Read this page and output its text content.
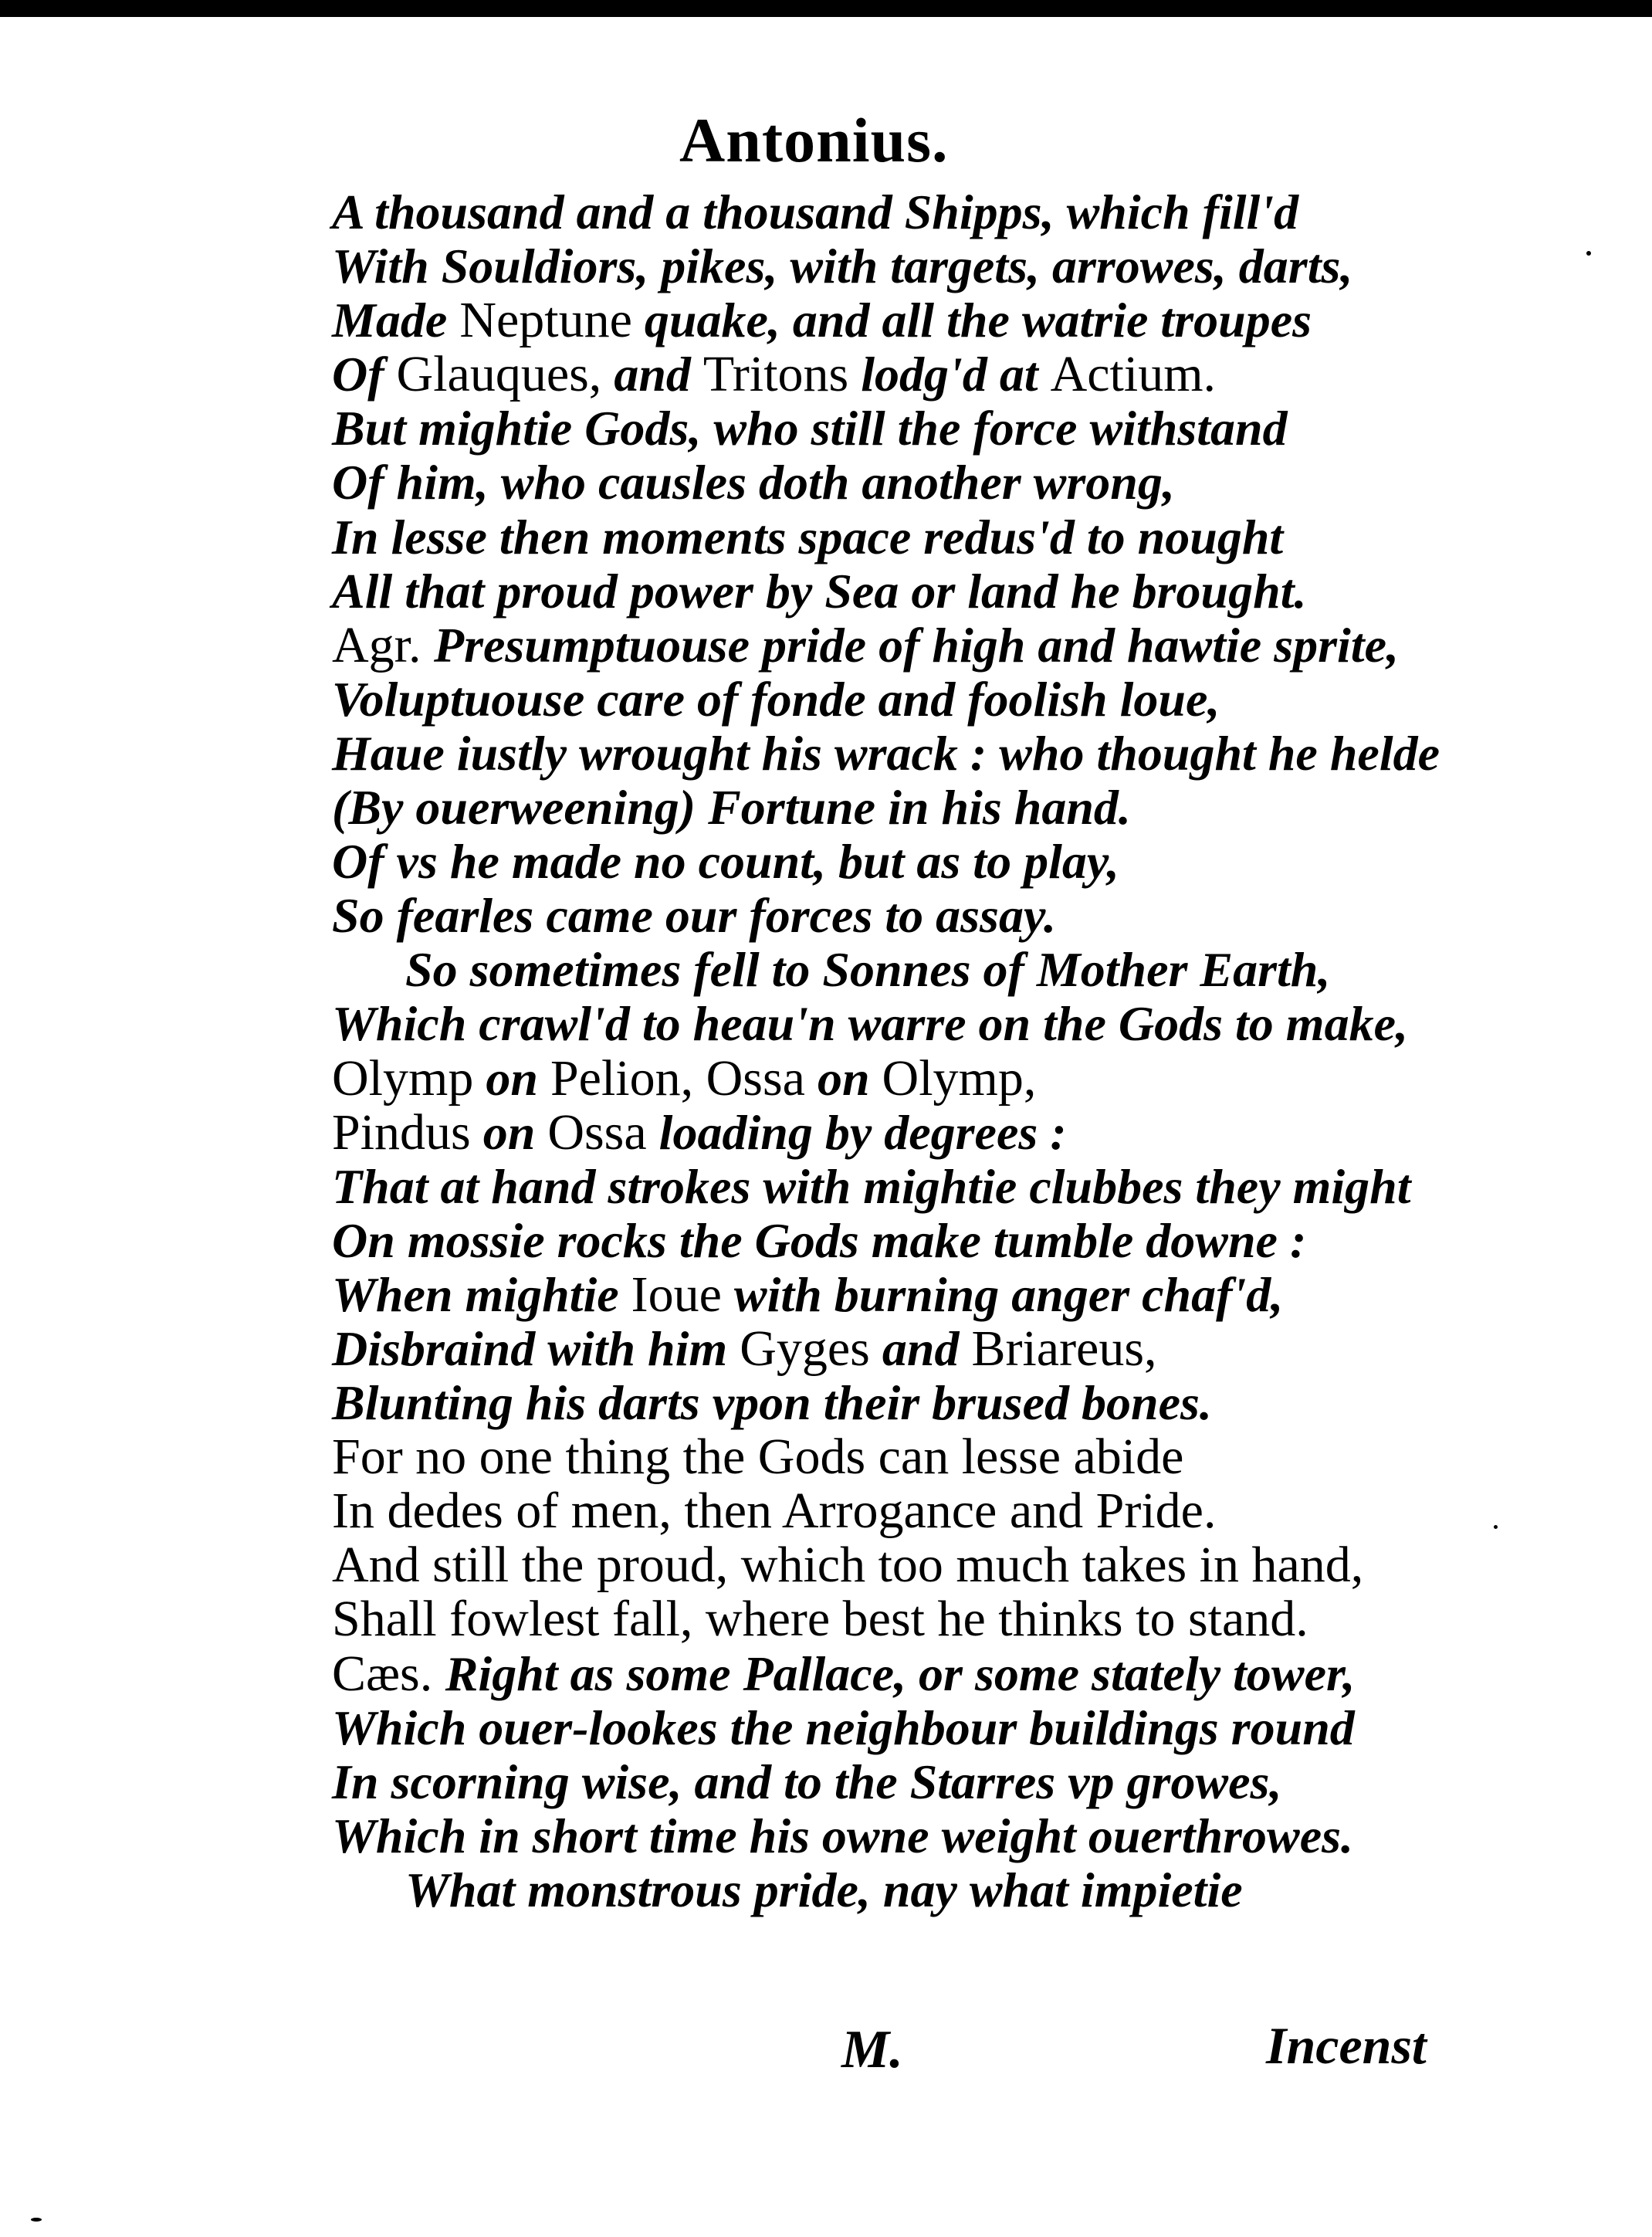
Antonius.
A thousand and a thousand Shipps, which fill'd
With Souldiors, pikes, with targets, arrowes, darts,
Made Neptune quake, and all the watrie troupes
Of Glauques, and Tritons lodg'd at Actium.
But mightie Gods, who still the force withstand
Of him, who causles doth another wrong,
In lesse then moments space redus'd to nought
All that proud power by Sea or land he brought.
Agr. Presumptuouse pride of high and hawtie sprite,
Voluptuouse care of fonde and foolish loue,
Haue iustly wrought his wrack : who thought he helde
(By ouerweening) Fortune in his hand.
Of vs he made no count, but as to play,
So fearles came our forces to assay.
So sometimes fell to Sonnes of Mother Earth,
Which crawl'd to heau'n warre on the Gods to make,
Olymp on Pelion, Ossa on Olymp,
Pindus on Ossa loading by degrees :
That at hand strokes with mightie clubbes they might
On mossie rocks the Gods make tumble downe :
When mightie Ioue with burning anger chaf'd,
Disbraind with him Gyges and Briareus,
Blunting his darts vpon their brused bones.
For no one thing the Gods can lesse abide
In dedes of men, then Arrogance and Pride.
And still the proud, which too much takes in hand,
Shall fowlest fall, where best he thinks to stand.
Cæs. Right as some Pallace, or some stately tower,
Which ouer-lookes the neighbour buildings round
In scorning wise, and to the Starres vp growes,
Which in short time his owne weight ouerthrowes.
What monstrous pride, nay what impietie
M.	Incenst
